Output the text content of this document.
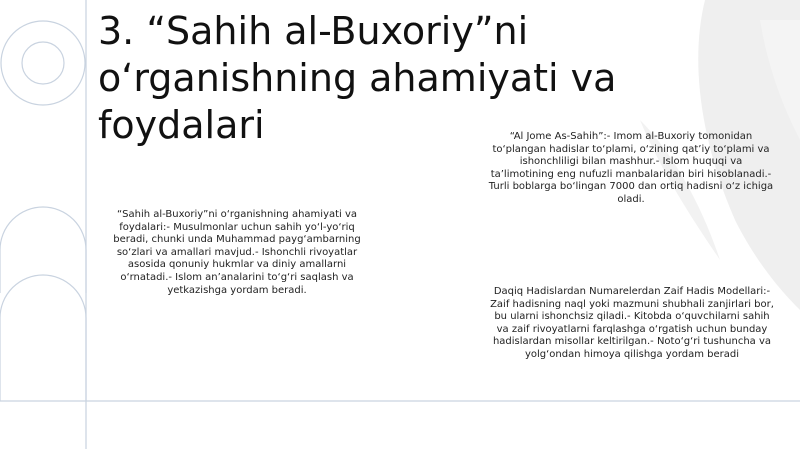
3. “Sahih al-Buxoriy”ni o‘rganishning ahamiyati va foydalari

“Sahih al-Buxoriy”ni o‘rganishning ahamiyati va foydalari:- Musulmonlar uchun sahih yo‘l-yo‘riq beradi, chunki unda Muhammad payg‘ambarning so‘zlari va amallari mavjud.- Ishonchli rivoyatlar asosida qonuniy hukmlar va diniy amallarni o‘rnatadi.- Islom an’analarini to‘g‘ri saqlash va yetkazishga yordam beradi.

“Al Jome As-Sahih”:- Imom al-Buxoriy tomonidan to‘plangan hadislar to‘plami, o‘zining qat’iy to‘plami va ishonchliligi bilan mashhur.- Islom huquqi va ta’limotining eng nufuzli manbalaridan biri hisoblanadi.- Turli boblarga bo‘lingan 7000 dan ortiq hadisni o‘z ichiga oladi.

Daqiq Hadislardan Numarelerdan Zaif Hadis Modellari:- Zaif hadisning naql yoki mazmuni shubhali zanjirlari bor, bu ularni ishonchsiz qiladi.- Kitobda o‘quvchilarni sahih va zaif rivoyatlarni farqlashga o‘rgatish uchun bunday hadislardan misollar keltirilgan.- Noto‘g‘ri tushuncha va yolg‘ondan himoya qilishga yordam beradi
